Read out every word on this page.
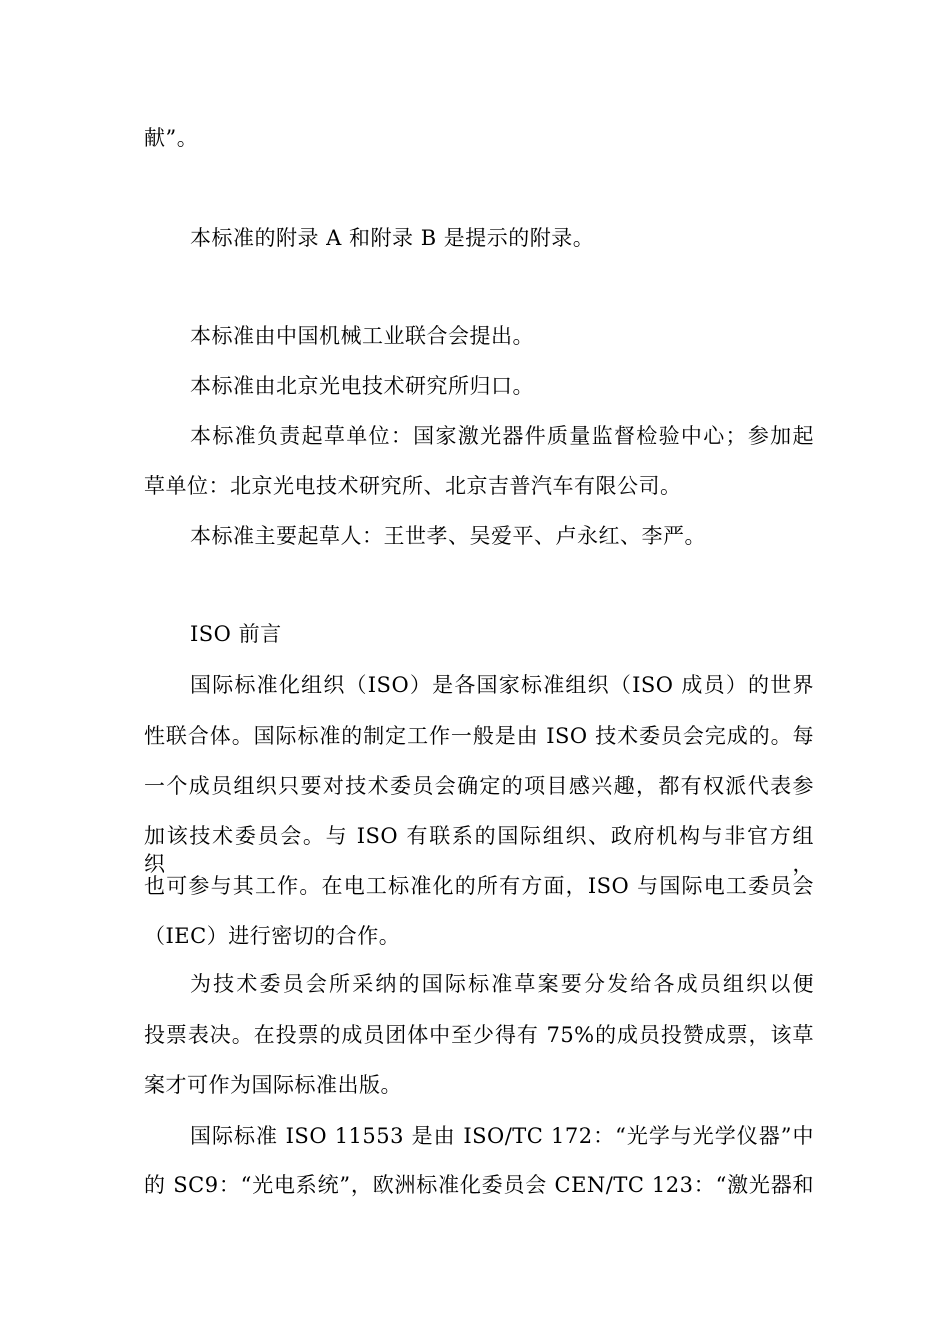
献”。
本标准的附录 A 和附录 B 是提示的附录。
本标准由中国机械工业联合会提出。
本标准由北京光电技术研究所归口。
本标准负责起草单位：国家激光器件质量监督检验中心；参加起
草单位：北京光电技术研究所、北京吉普汽车有限公司。
本标准主要起草人：王世孝、吴爱平、卢永红、李严。
ISO 前言
国际标准化组织（ISO）是各国家标准组织（ISO 成员）的世界
性联合体。国际标准的制定工作一般是由 ISO 技术委员会完成的。每
一个成员组织只要对技术委员会确定的项目感兴趣，都有权派代表参
加该技术委员会。与 ISO 有联系的国际组织、政府机构与非官方组织，
也可参与其工作。在电工标准化的所有方面，ISO 与国际电工委员会
（IEC）进行密切的合作。
为技术委员会所采纳的国际标准草案要分发给各成员组织以便
投票表决。在投票的成员团体中至少得有 75%的成员投赞成票，该草
案才可作为国际标准出版。
国际标准 ISO 11553 是由 ISO/TC 172：“光学与光学仪器”中
的 SC9：“光电系统”，欧洲标准化委员会 CEN/TC 123：“激光器和
